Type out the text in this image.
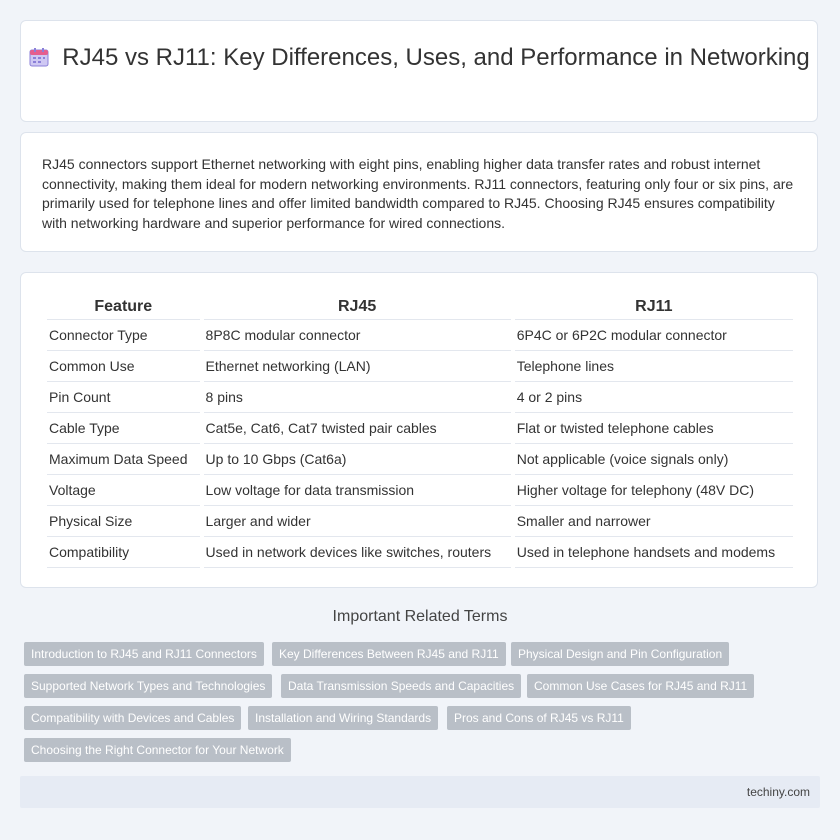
RJ45 vs RJ11: Key Differences, Uses, and Performance in Networking

RJ45 connectors support Ethernet networking with eight pins, enabling higher data transfer rates and robust internet connectivity, making them ideal for modern networking environments. RJ11 connectors, featuring only four or six pins, are primarily used for telephone lines and offer limited bandwidth compared to RJ45. Choosing RJ45 ensures compatibility with networking hardware and superior performance for wired connections.

Feature	RJ45	RJ11
Connector Type	8P8C modular connector	6P4C or 6P2C modular connector
Common Use	Ethernet networking (LAN)	Telephone lines
Pin Count	8 pins	4 or 2 pins
Cable Type	Cat5e, Cat6, Cat7 twisted pair cables	Flat or twisted telephone cables
Maximum Data Speed	Up to 10 Gbps (Cat6a)	Not applicable (voice signals only)
Voltage	Low voltage for data transmission	Higher voltage for telephony (48V DC)
Physical Size	Larger and wider	Smaller and narrower
Compatibility	Used in network devices like switches, routers	Used in telephone handsets and modems
Important Related Terms
Introduction to RJ45 and RJ11 Connectors	Key Differences Between RJ45 and RJ11	Physical Design and Pin Configuration
Supported Network Types and Technologies	Data Transmission Speeds and Capacities	Common Use Cases for RJ45 and RJ11
Compatibility with Devices and Cables	Installation and Wiring Standards	Pros and Cons of RJ45 vs RJ11
Choosing the Right Connector for Your Network
techiny.com
